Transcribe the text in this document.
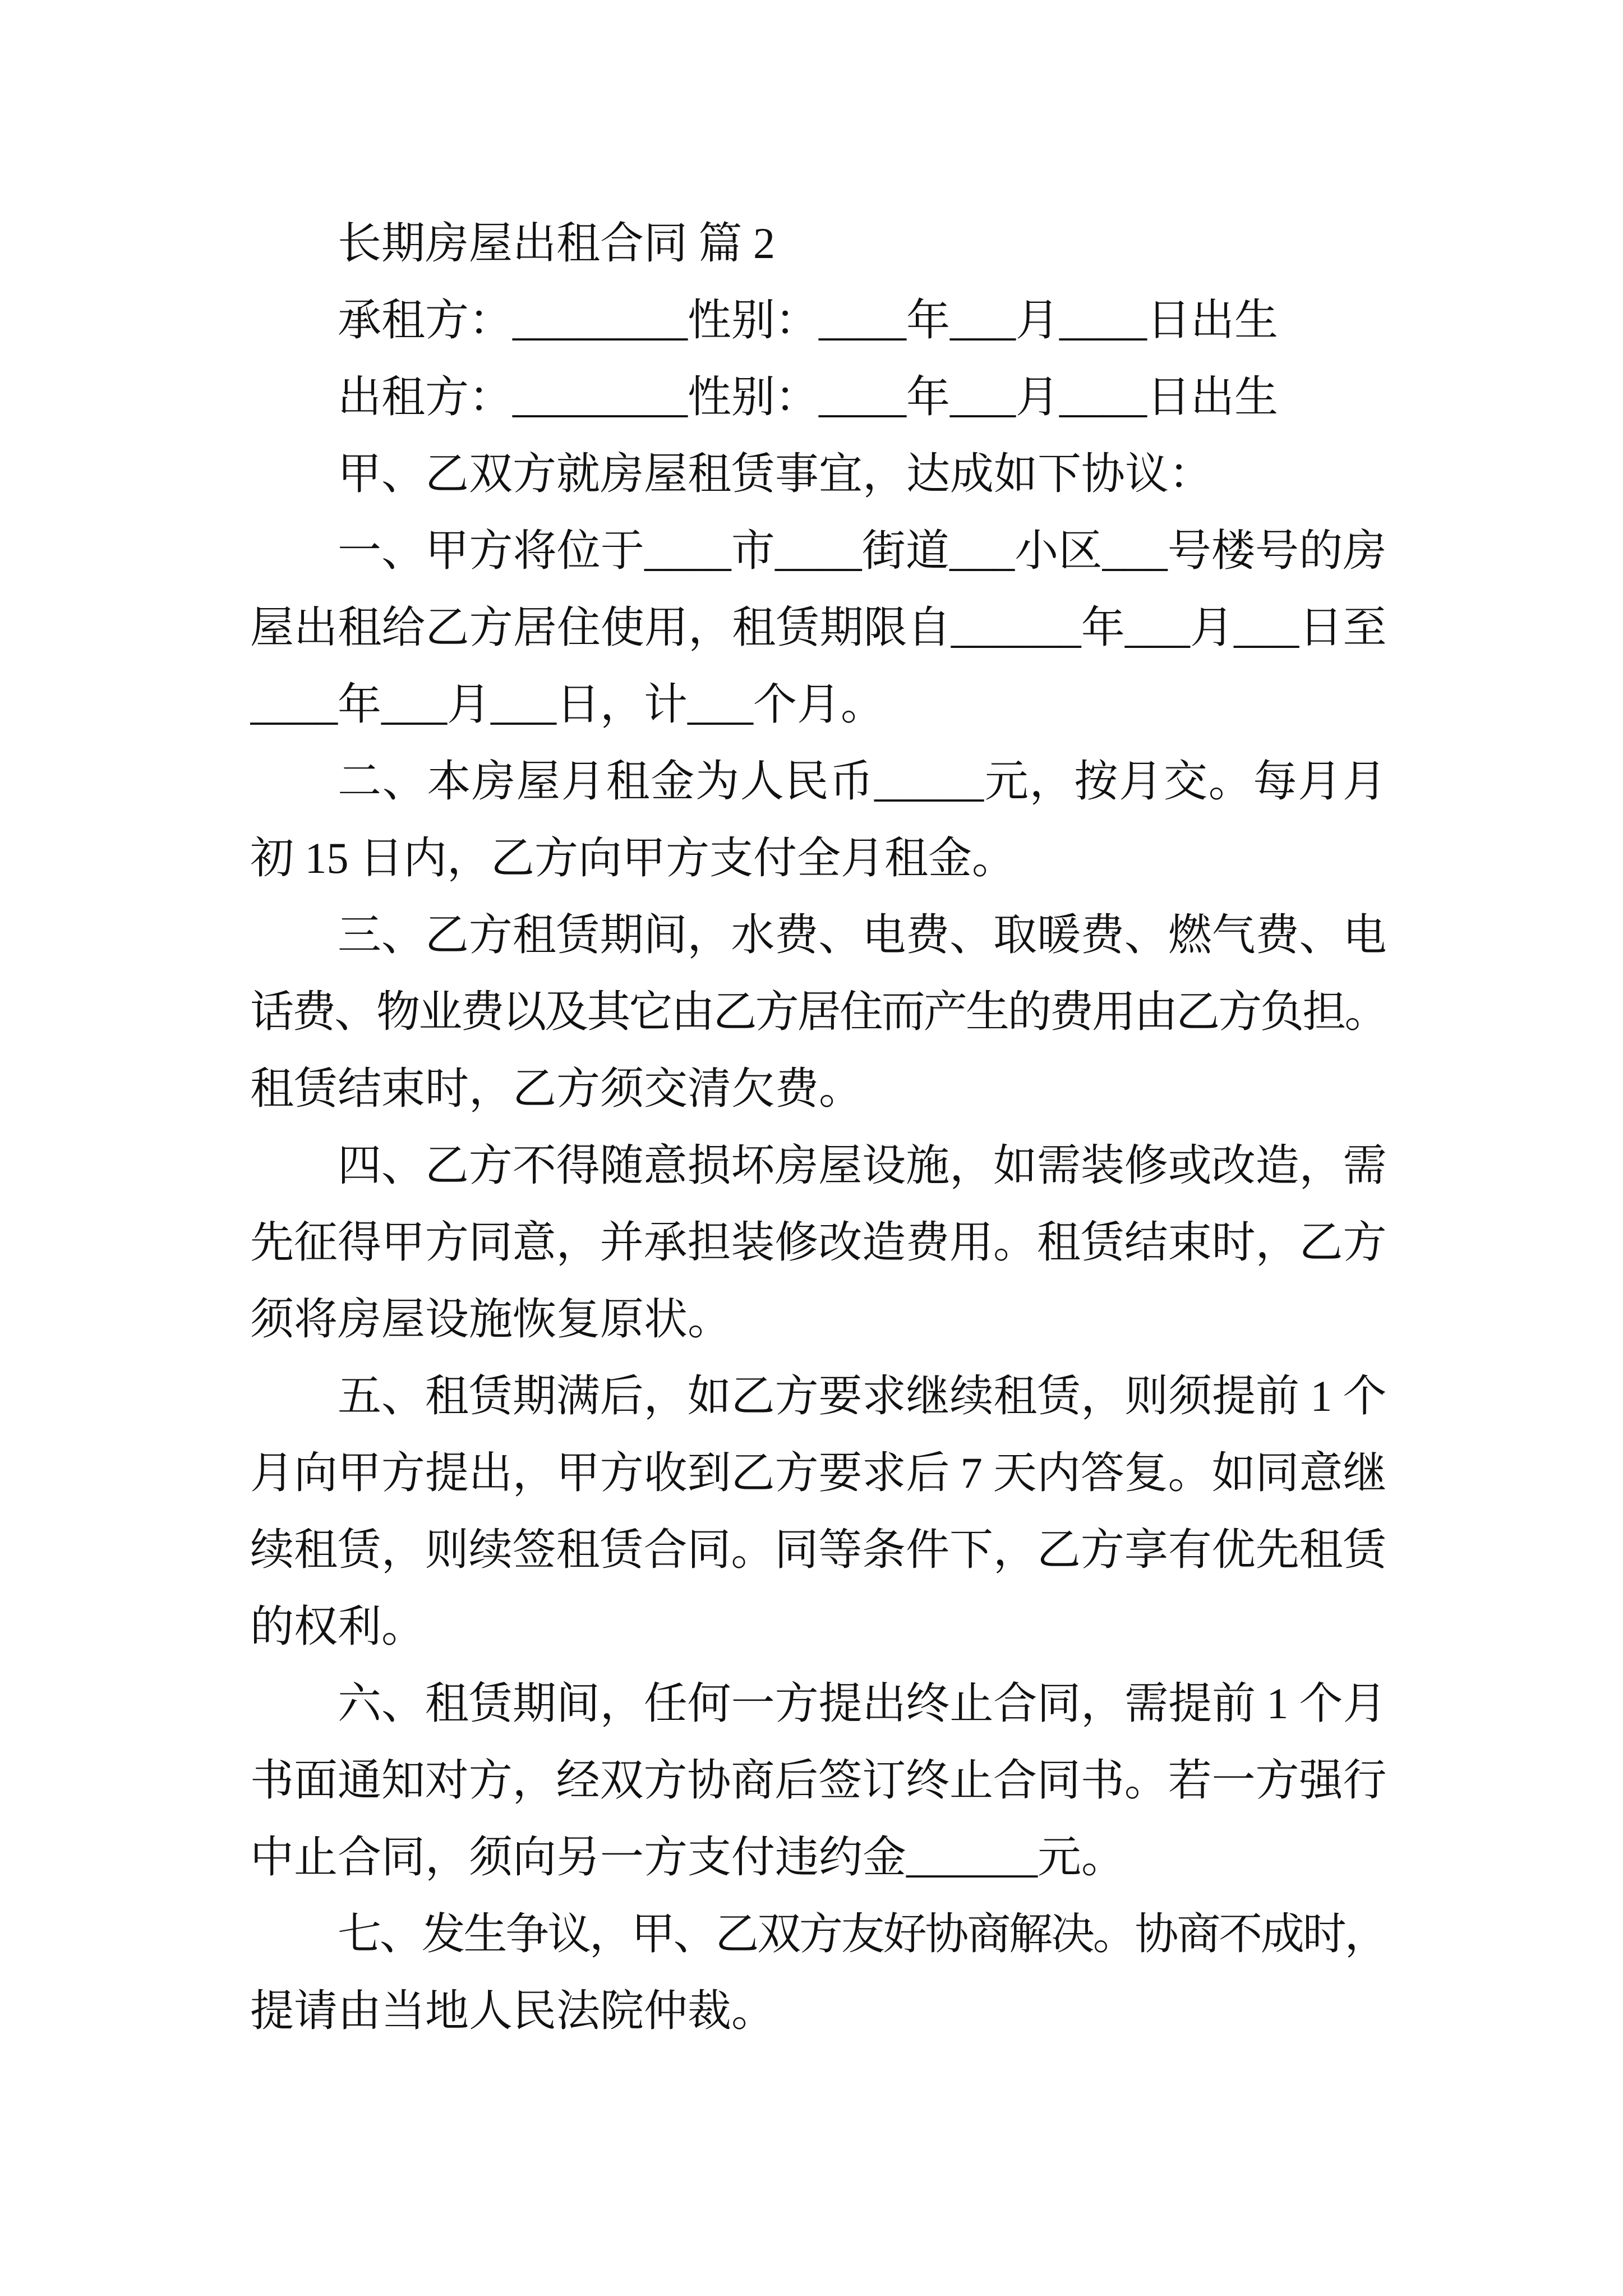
长期房屋出租合同 篇 2
承租方：________性别：____年___月____日出生
出租方：________性别：____年___月____日出生
甲、乙双方就房屋租赁事宜，达成如下协议：
一、甲方将位于____市____街道___小区___号楼号的房
屋出租给乙方居住使用，租赁期限自______年___月___日至
____年___月___日，计___个月。
二、本房屋月租金为人民币_____元，按月交。每月月
初 15 日内，乙方向甲方支付全月租金。
三、乙方租赁期间，水费、电费、取暖费、燃气费、电
话费、物业费以及其它由乙方居住而产生的费用由乙方负担。
租赁结束时，乙方须交清欠费。
四、乙方不得随意损坏房屋设施，如需装修或改造，需
先征得甲方同意，并承担装修改造费用。租赁结束时，乙方
须将房屋设施恢复原状。
五、租赁期满后，如乙方要求继续租赁，则须提前 1 个
月向甲方提出，甲方收到乙方要求后 7 天内答复。如同意继
续租赁，则续签租赁合同。同等条件下，乙方享有优先租赁
的权利。
六、租赁期间，任何一方提出终止合同，需提前 1 个月
书面通知对方，经双方协商后签订终止合同书。若一方强行
中止合同，须向另一方支付违约金______元。
七、发生争议，甲、乙双方友好协商解决。协商不成时，
提请由当地人民法院仲裁。
